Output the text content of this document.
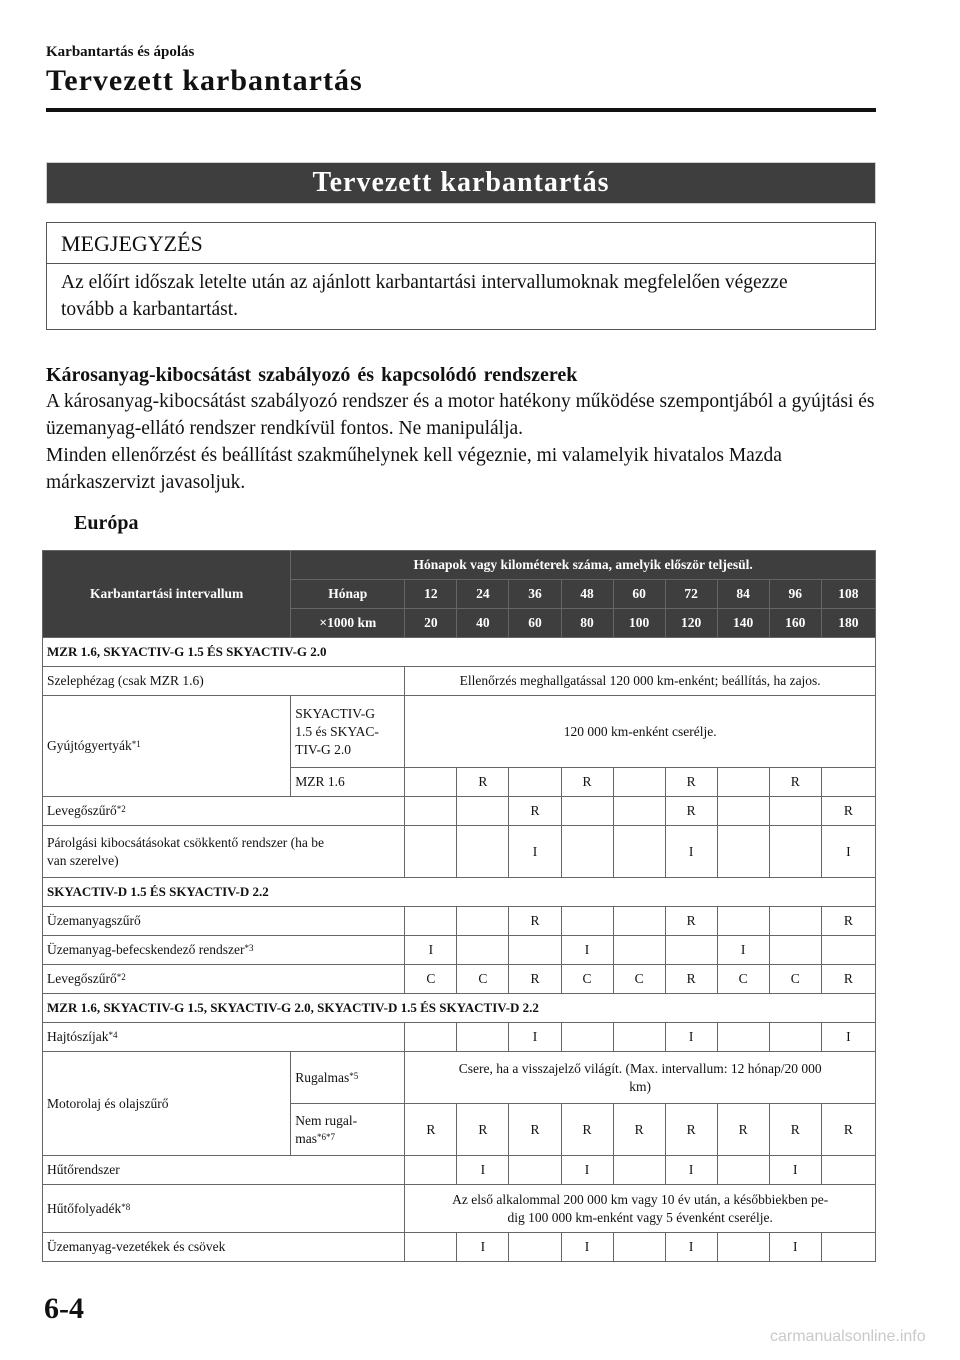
Karbantartás és ápolás
Tervezett karbantartás
Tervezett karbantartás
MEGJEGYZÉS
Az előírt időszak letelte után az ajánlott karbantartási intervallumoknak megfelelően végezze tovább a karbantartást.
Károsanyag-kibocsátást szabályozó és kapcsolódó rendszerek
A károsanyag-kibocsátást szabályozó rendszer és a motor hatékony működése szempontjából a gyújtási és üzemanyag-ellátó rendszer rendkívül fontos. Ne manipulálja.
Minden ellenőrzést és beállítást szakműhelynek kell végeznie, mi valamelyik hivatalos Mazda márkaszervizt javasoljuk.
Európa
Karbantartási intervallum	Hónapok vagy kilométerek száma, amelyik először teljesül.									
	Hónap	12	24	36	48	60	72	84	96	108
	×1000 km	20	40	60	80	100	120	140	160	180
MZR 1.6, SKYACTIV-G 1.5 ÉS SKYACTIV-G 2.0										
Szelephézag (csak MZR 1.6)		Ellenőrzés meghallgatással 120 000 km-enként; beállítás, ha zajos.								
Gyújtógyertyák$^{*1}$	SKYACTIV-G
1.5 és SKYAC-
TIV-G 2.0	120 000 km-enként cserélje.								
	MZR 1.6		R		R		R		R	
Levegőszűrő$^{*2}$				R			R			R

Párolgási kibocsátásokat csökkentő rendszer (ha be
van szerelve)				I			I			I
SKYACTIV-D 1.5 ÉS SKYACTIV-D 2.2										
Üzemanyagszűrő				R			R			R
Üzemanyag-befecskendező rendszer$^{*3}$		I			I			I		
Levegőszűrő$^{*2}$		C	C	R	C	C	R	C	C	R
MZR 1.6, SKYACTIV-G 1.5, SKYACTIV-G 2.0, SKYACTIV-D 1.5 ÉS SKYACTIV-D 2.2										
Hajtószíjak$^{*4}$				I			I			I
Motorolaj és olajszűrő	Rugalmas$^{*5}$	Csere, ha a visszajelző világít. (Max. intervallum: 12 hónap/20 000
km)								

	Nem rugal-
mas$^{*6*7}$	R	R	R	R	R	R	R	R	R
Hűtőrendszer			I		I		I		I	
Hűtőfolyadék$^{*8}$		Az első alkalommal 200 000 km vagy 10 év után, a későbbiekben pe-
dig 100 000 km-enként vagy 5 évenként cserélje.								

Üzemanyag-vezetékek és csövek			I		I		I		I	
6-4
carmanualsonline.info
